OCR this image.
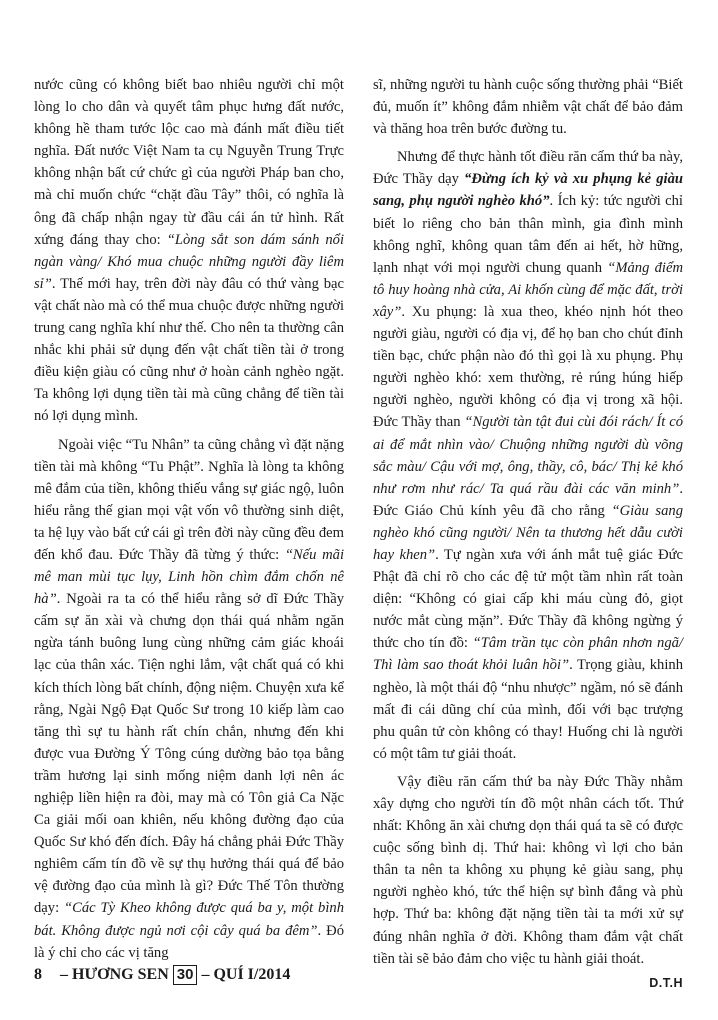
nước cũng có không biết bao nhiêu người chỉ một lòng lo cho dân và quyết tâm phục hưng đất nước, không hề tham tước lộc cao mà đánh mất điều tiết nghĩa. Đất nước Việt Nam ta cụ Nguyễn Trung Trực không nhận bất cứ chức gì của người Pháp ban cho, mà chỉ muốn chức “chặt đầu Tây” thôi, có nghĩa là ông đã chấp nhận ngay từ đầu cái án tử hình. Rất xứng đáng thay cho: “Lòng sắt son dám sánh nổi ngàn vàng/ Khó mua chuộc những người đầy liêm sỉ”. Thế mới hay, trên đời này đâu có thứ vàng bạc vật chất nào mà có thể mua chuộc được những người trung cang nghĩa khí như thế. Cho nên ta thường cân nhắc khi phải sử dụng đến vật chất tiền tài ở trong điều kiện giàu có cũng như ở hoàn cảnh nghèo ngặt. Ta không lợi dụng tiền tài mà cũng chẳng để tiền tài nó lợi dụng mình.

Ngoài việc “Tu Nhân” ta cũng chẳng vì đặt nặng tiền tài mà không “Tu Phật”. Nghĩa là lòng ta không mê đắm của tiền, không thiếu vắng sự giác ngộ, luôn hiểu rằng thế gian mọi vật vốn vô thường sinh diệt, ta hệ lụy vào bất cứ cái gì trên đời này cũng đều đem đến khổ đau. Đức Thầy đã từng ý thức: “Nếu mãi mê man mùi tục lụy, Linh hồn chìm đắm chốn nê hà”. Ngoài ra ta có thể hiểu rằng sở dĩ Đức Thầy cấm sự ăn xài và chưng dọn thái quá nhằm ngăn ngừa tánh buông lung cùng những cảm giác khoái lạc của thân xác. Tiện nghi lắm, vật chất quá có khi kích thích lòng bất chính, động niệm. Chuyện xưa kể rằng, Ngài Ngộ Đạt Quốc Sư trong 10 kiếp làm cao tăng thì sự tu hành rất chín chắn, nhưng đến khi được vua Đường Ý Tông cúng dường bảo tọa bằng trầm hương lại sinh mống niệm danh lợi nên ác nghiệp liền hiện ra đòi, may mà có Tôn giả Ca Nặc Ca giải mối oan khiên, nếu không đường đạo của Quốc Sư khó đến đích. Đây há chẳng phải Đức Thầy nghiêm cấm tín đồ về sự thụ hưởng thái quá để bảo vệ đường đạo của mình là gì? Đức Thế Tôn thường dạy: “Các Tỳ Kheo không được quá ba y, một bình bát. Không được ngủ nơi cội cây quá ba đêm”. Đó là ý chỉ cho các vị tăng

sĩ, những người tu hành cuộc sống thường phải “Biết đủ, muốn ít” không đắm nhiễm vật chất để bảo đảm và thăng hoa trên bước đường tu.

Nhưng để thực hành tốt điều răn cấm thứ ba này, Đức Thầy dạy “Đừng ích kỷ và xu phụng kẻ giàu sang, phụ người nghèo khó”. Ích kỷ: tức người chỉ biết lo riêng cho bản thân mình, gia đình mình không nghĩ, không quan tâm đến ai hết, hờ hững, lạnh nhạt với mọi người chung quanh “Mảng điểm tô huy hoàng nhà cửa, Ai khốn cùng để mặc đất, trời xây”. Xu phụng: là xua theo, khéo nịnh hót theo người giàu, người có địa vị, để họ ban cho chút đỉnh tiền bạc, chức phận nào đó thì gọi là xu phụng. Phụ người nghèo khó: xem thường, rẻ rúng húng hiếp người nghèo, người không có địa vị trong xã hội. Đức Thầy than “Người tàn tật đui cùi đói rách/ Ít có ai để mắt nhìn vào/ Chuộng những người dù võng sắc màu/ Cậu với mợ, ông, thầy, cô, bác/ Thị kẻ khó như rơm như rác/ Ta quá rầu đài các văn minh”. Đức Giáo Chủ kính yêu đã cho rằng “Giàu sang nghèo khó cũng người/ Nên ta thương hết dẫu cười hay khen”. Tự ngàn xưa với ánh mắt tuệ giác Đức Phật đã chỉ rõ cho các đệ tử một tầm nhìn rất toàn diện: “Không có giai cấp khi máu cùng đỏ, giọt nước mắt cùng mặn”. Đức Thầy đã không ngừng ý thức cho tín đồ: “Tâm trần tục còn phân nhơn ngã/ Thì làm sao thoát khỏi luân hồi”. Trọng giàu, khinh nghèo, là một thái độ “nhu nhược” ngầm, nó sẽ đánh mất đi cái dũng chí của mình, đối với bạc trượng phu quân tử còn không có thay! Huống chi là người có một tâm tư giải thoát.

Vậy điều răn cấm thứ ba này Đức Thầy nhằm xây dựng cho người tín đồ một nhân cách tốt. Thứ nhất: Không ăn xài chưng dọn thái quá ta sẽ có được cuộc sống bình dị. Thứ hai: không vì lợi cho bản thân ta nên ta không xu phụng kẻ giàu sang, phụ người nghèo khó, tức thể hiện sự bình đẳng và phù hợp. Thứ ba: không đặt nặng tiền tài ta mới xử sự đúng nhân nghĩa ở đời. Không tham đắm vật chất tiền tài sẽ bảo đảm cho việc tu hành giải thoát.

D.T.H
8 – HƯƠNG SEN 30 – QUÍ I/2014
